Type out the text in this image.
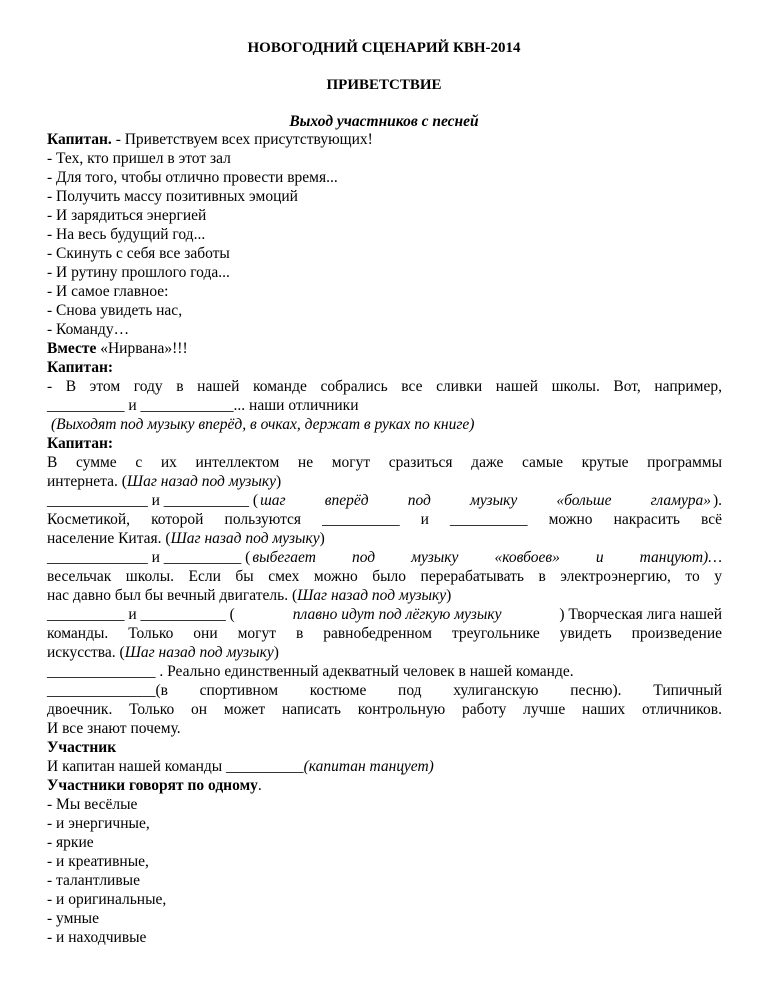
НОВОГОДНИЙ СЦЕНАРИЙ КВН-2014
ПРИВЕТСТВИЕ
Выход участников с песней
Капитан. - Приветствуем всех присутствующих!
- Тех, кто пришел в этот зал
- Для того, чтобы отлично провести время...
- Получить массу позитивных эмоций
- И зарядиться энергией
- На весь будущий год...
- Скинуть с себя все заботы
- И рутину прошлого года...
- И самое главное:
- Снова увидеть нас,
- Команду…
Вместе «Нирвана»!!!
Капитан:
- В этом году в нашей команде собрались все сливки нашей школы. Вот, например,
__________ и ____________... наши отличники
(Выходят под музыку вперёд, в очках, держат в руках по книге)
Капитан:
В сумме с их интеллектом не могут сразиться даже самые крутые программы
интернета. (Шаг назад под музыку)
_____________ и ___________ ( шаг вперёд под музыку «больше гламура» ).
Косметикой, которой пользуются __________ и __________ можно накрасить всё
население Китая. (Шаг назад под музыку)
_____________ и __________ ( выбегает под музыку «ковбоев» и танцуют)…
весельчак школы. Если бы смех можно было перерабатывать в электроэнергию, то у
нас давно был бы вечный двигатель. (Шаг назад под музыку)
__________ и ___________ (	плавно идут под лёгкую музыку	) Творческая лига нашей
команды. Только они могут в равнобедренном треугольнике увидеть произведение
искусства. (Шаг назад под музыку)
______________ . Реально единственный адекватный человек в нашей команде.
______________(в спортивном костюме под хулиганскую песню). Типичный
двоечник. Только он может написать контрольную работу лучше наших отличников.
И все знают почему.
Участник
И капитан нашей команды __________(капитан танцует)
Участники говорят по одному.
- Мы весёлые
- и энергичные,
- яркие
- и креативные,
- талантливые
- и оригинальные,
- умные
- и находчивые
